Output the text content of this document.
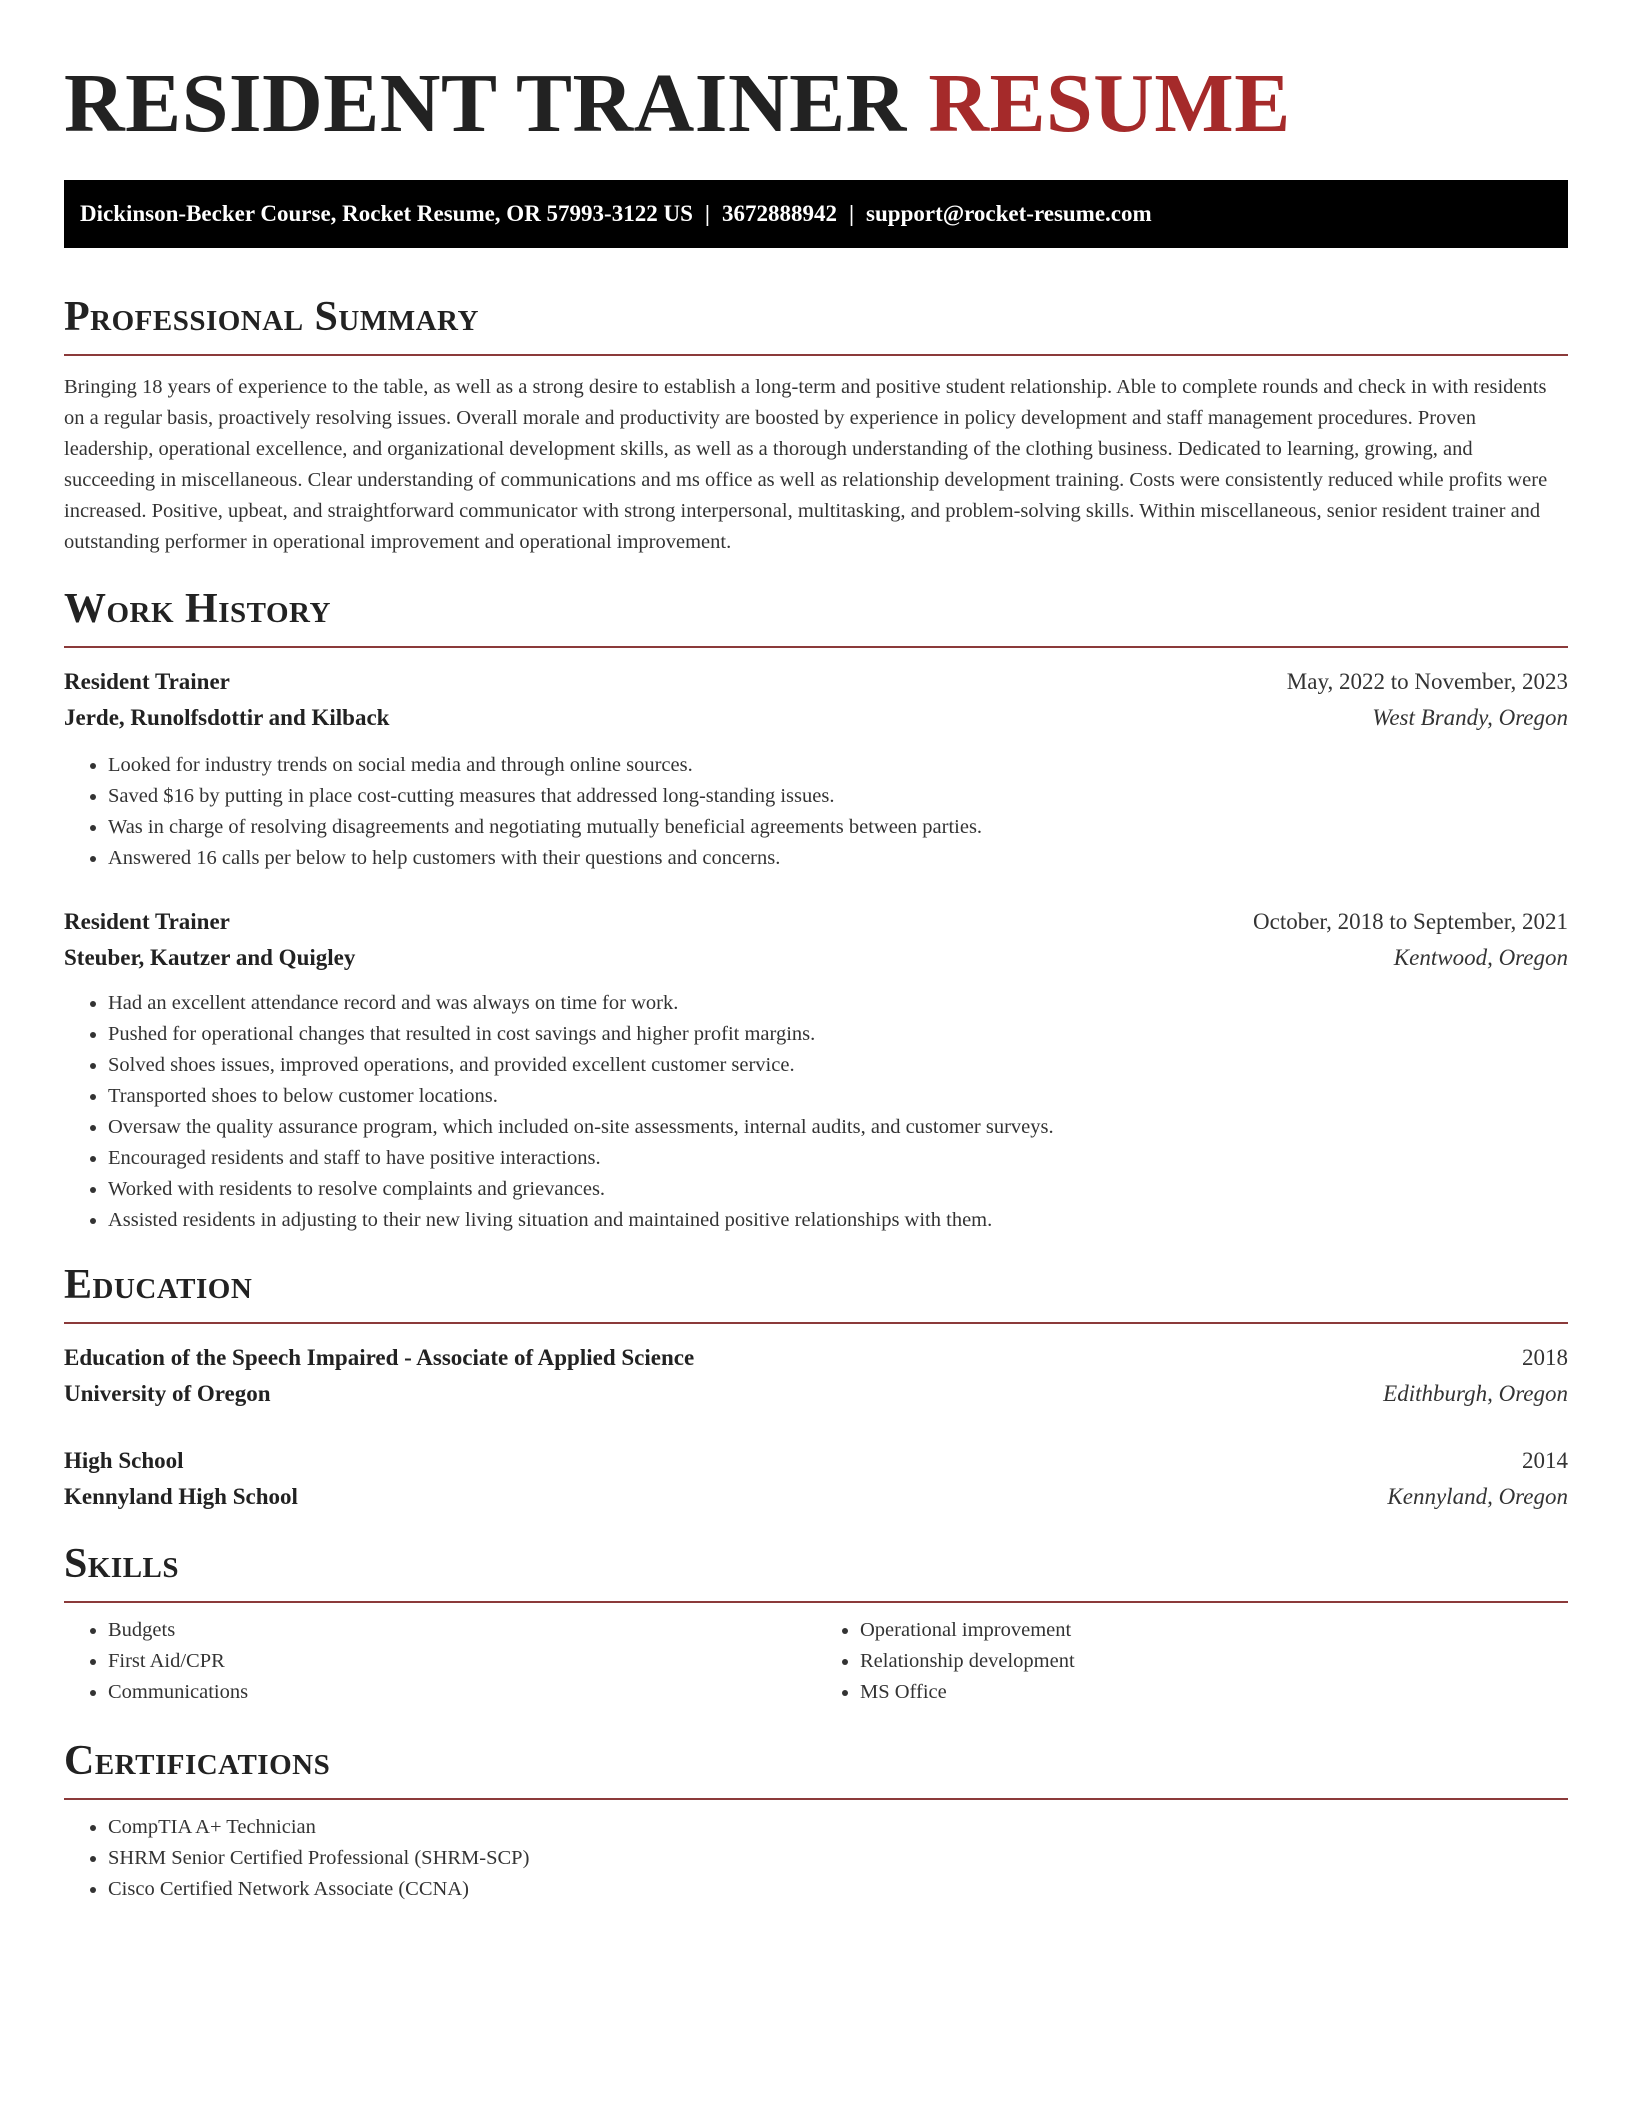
RESIDENT TRAINER RESUME
Dickinson-Becker Course, Rocket Resume, OR 57993-3122 US | 3672888942 | support@rocket-resume.com
Professional Summary

Bringing 18 years of experience to the table, as well as a strong desire to establish a long-term and positive student relationship. Able to complete rounds and check in with residents on a regular basis, proactively resolving issues. Overall morale and productivity are boosted by experience in policy development and staff management procedures. Proven leadership, operational excellence, and organizational development skills, as well as a thorough understanding of the clothing business. Dedicated to learning, growing, and succeeding in miscellaneous. Clear understanding of communications and ms office as well as relationship development training. Costs were consistently reduced while profits were increased. Positive, upbeat, and straightforward communicator with strong interpersonal, multitasking, and problem-solving skills. Within miscellaneous, senior resident trainer and outstanding performer in operational improvement and operational improvement.

Work History
Resident Trainer	May, 2022 to November, 2023
Jerde, Runolfsdottir and Kilback	West Brandy, Oregon
• Looked for industry trends on social media and through online sources.
• Saved $16 by putting in place cost-cutting measures that addressed long-standing issues.
• Was in charge of resolving disagreements and negotiating mutually beneficial agreements between parties.
• Answered 16 calls per below to help customers with their questions and concerns.
Resident Trainer	October, 2018 to September, 2021
Steuber, Kautzer and Quigley	Kentwood, Oregon
• Had an excellent attendance record and was always on time for work.
• Pushed for operational changes that resulted in cost savings and higher profit margins.
• Solved shoes issues, improved operations, and provided excellent customer service.
• Transported shoes to below customer locations.
• Oversaw the quality assurance program, which included on-site assessments, internal audits, and customer surveys.
• Encouraged residents and staff to have positive interactions.
• Worked with residents to resolve complaints and grievances.
• Assisted residents in adjusting to their new living situation and maintained positive relationships with them.
Education
Education of the Speech Impaired - Associate of Applied Science	2018
University of Oregon	Edithburgh, Oregon
High School	2014
Kennyland High School	Kennyland, Oregon
Skills
• Budgets
• First Aid/CPR
• Communications
• Operational improvement
• Relationship development
• MS Office
Certifications
• CompTIA A+ Technician
• SHRM Senior Certified Professional (SHRM-SCP)
• Cisco Certified Network Associate (CCNA)
